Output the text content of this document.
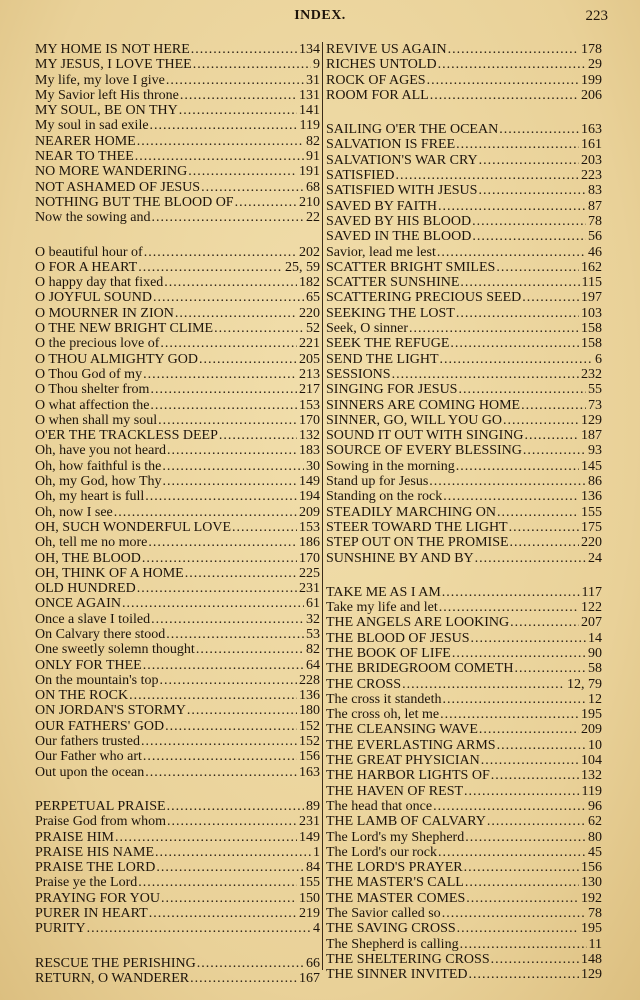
INDEX.	223
MY HOME IS NOT HERE .....	134
MY JESUS, I LOVE THEE .....	9
My life, my love I give .....	31
My Savior left His throne .....	131
MY SOUL, BE ON THY .....	141
My soul in sad exile .....	119
NEARER HOME .....	82
NEAR TO THEE .....	91
NO MORE WANDERING .....	191
NOT ASHAMED OF JESUS .....	68
NOTHING BUT THE BLOOD OF .....	210
Now the sowing and .....	22
O beautiful hour of .....	202
O FOR A HEART .....	25, 59
O happy day that fixed .....	182
O JOYFUL SOUND .....	65
O MOURNER IN ZION .....	220
O THE NEW BRIGHT CLIME .....	52
O the precious love of .....	221
O THOU ALMIGHTY GOD .....	205
O Thou God of my .....	213
O Thou shelter from .....	217
O what affection the .....	153
O when shall my soul .....	170
O'ER THE TRACKLESS DEEP .....	132
Oh, have you not heard .....	183
Oh, how faithful is the .....	30
Oh, my God, how Thy .....	149
Oh, my heart is full .....	194
Oh, now I see .....	209
OH, SUCH WONDERFUL LOVE .....	153
Oh, tell me no more .....	186
OH, THE BLOOD .....	170
OH, THINK OF A HOME .....	225
OLD HUNDRED .....	231
ONCE AGAIN .....	61
Once a slave I toiled .....	32
On Calvary there stood .....	53
One sweetly solemn thought .....	82
ONLY FOR THEE .....	64
On the mountain's top .....	228
ON THE ROCK .....	136
ON JORDAN'S STORMY .....	180
OUR FATHERS' GOD .....	152
Our fathers trusted .....	152
Our Father who art .....	156
Out upon the ocean .....	163
PERPETUAL PRAISE .....	89
Praise God from whom .....	231
PRAISE HIM .....	149
PRAISE HIS NAME .....	1
PRAISE THE LORD .....	84
Praise ye the Lord .....	155
PRAYING FOR YOU .....	150
PURER IN HEART .....	219
PURITY .....	4
RESCUE THE PERISHING .....	66
RETURN, O WANDERER .....	167
REVIVE US AGAIN .....	178
RICHES UNTOLD .....	29
ROCK OF AGES .....	199
ROOM FOR ALL .....	206
SAILING O'ER THE OCEAN .....	163
SALVATION IS FREE .....	161
SALVATION'S WAR CRY .....	203
SATISFIED .....	223
SATISFIED WITH JESUS .....	83
SAVED BY FAITH .....	87
SAVED BY HIS BLOOD .....	78
SAVED IN THE BLOOD .....	56
Savior, lead me lest .....	46
SCATTER BRIGHT SMILES .....	162
SCATTER SUNSHINE .....	115
SCATTERING PRECIOUS SEED .....	197
SEEKING THE LOST .....	103
Seek, O sinner .....	158
SEEK THE REFUGE .....	158
SEND THE LIGHT .....	6
SESSIONS .....	232
SINGING FOR JESUS .....	55
SINNERS ARE COMING HOME .....	73
SINNER, GO, WILL YOU GO .....	129
SOUND IT OUT WITH SINGING .....	187
SOURCE OF EVERY BLESSING .....	93
Sowing in the morning .....	145
Stand up for Jesus .....	86
Standing on the rock .....	136
STEADILY MARCHING ON .....	155
STEER TOWARD THE LIGHT .....	175
STEP OUT ON THE PROMISE .....	220
SUNSHINE BY AND BY .....	24
TAKE ME AS I AM .....	117
Take my life and let .....	122
THE ANGELS ARE LOOKING .....	207
THE BLOOD OF JESUS .....	14
THE BOOK OF LIFE .....	90
THE BRIDEGROOM COMETH .....	58
THE CROSS .....	12, 79
The cross it standeth .....	12
The cross oh, let me .....	195
THE CLEANSING WAVE .....	209
THE EVERLASTING ARMS .....	10
THE GREAT PHYSICIAN .....	104
THE HARBOR LIGHTS OF .....	132
THE HAVEN OF REST .....	119
The head that once .....	96
THE LAMB OF CALVARY .....	62
The Lord's my Shepherd .....	80
The Lord's our rock .....	45
THE LORD'S PRAYER .....	156
THE MASTER'S CALL .....	130
THE MASTER COMES .....	192
The Savior called so .....	78
THE SAVING CROSS .....	195
The Shepherd is calling .....	11
THE SHELTERING CROSS .....	148
THE SINNER INVITED .....	129
